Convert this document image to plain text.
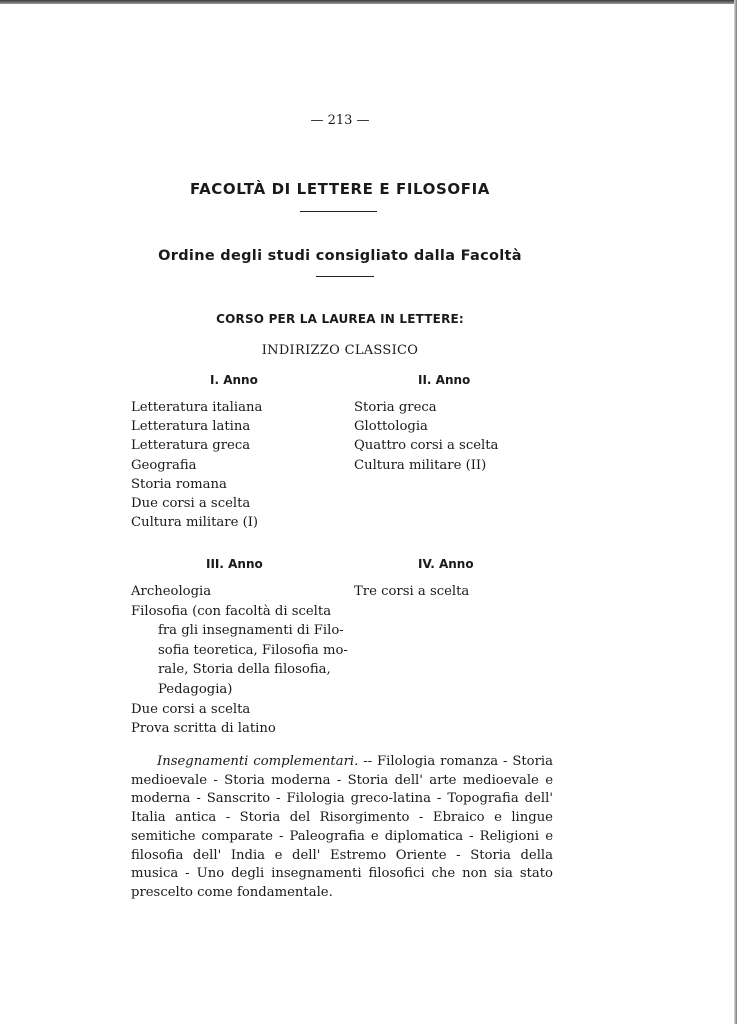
— 213 —
FACOLTÀ DI LETTERE E FILOSOFIA
Ordine degli studi consigliato dalla Facoltà
CORSO PER LA LAUREA IN LETTERE:
INDIRIZZO CLASSICO
I. Anno
Letteratura italiana
Letteratura latina
Letteratura greca
Geografia
Storia romana
Due corsi a scelta
Cultura militare (I)
II. Anno
Storia greca
Glottologia
Quattro corsi a scelta
Cultura militare (II)
III. Anno
Archeologia
Filosofia (con facoltà di scelta
fra gli insegnamenti di Filo-
sofia teoretica, Filosofia mo-
rale, Storia della filosofia,
Pedagogia)
Due corsi a scelta
Prova scritta di latino
IV. Anno
Tre corsi a scelta

Insegnamenti complementari. -- Filologia romanza - Storia medioevale - Storia moderna - Storia dell' arte medioevale e moderna - Sanscrito - Filologia greco-latina - Topografia dell' Italia antica - Storia del Risorgimento - Ebraico e lingue semitiche comparate - Paleografia e diplomatica - Religioni e filosofia dell' India e dell' Estremo Oriente - Storia della musica - Uno degli insegnamenti filosofici che non sia stato prescelto come fondamentale.
